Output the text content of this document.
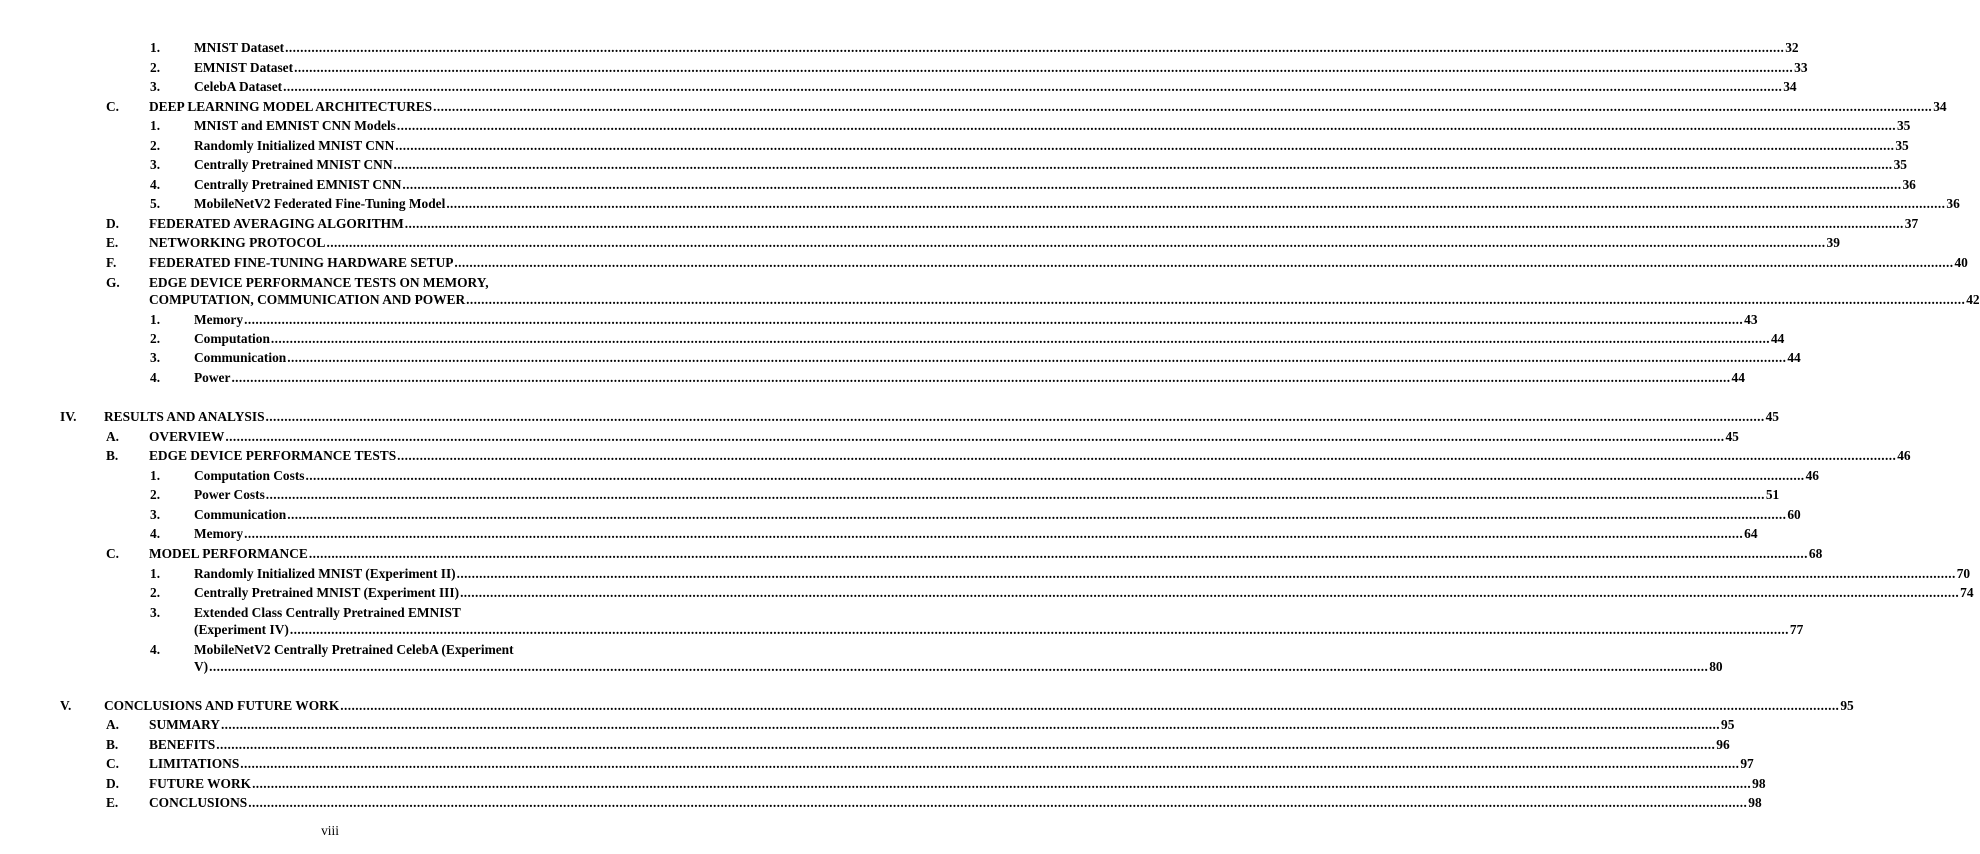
1.	MNIST Dataset ................................................................................................................................................................................................................................................................................................................................................................................................................ 32
2.	EMNIST Dataset ................................................................................................................................................................................................................................................................................................................................................................................................................ 33
3.	CelebA Dataset ................................................................................................................................................................................................................................................................................................................................................................................................................ 34
C. DEEP LEARNING MODEL ARCHITECTURES ................................................................................................................................................................................................................................................................................................................................................................................................................ 34
1.	MNIST and EMNIST CNN Models ................................................................................................................................................................................................................................................................................................................................................................................................................ 35
2.	Randomly Initialized MNIST CNN ................................................................................................................................................................................................................................................................................................................................................................................................................ 35
3.	Centrally Pretrained MNIST CNN ................................................................................................................................................................................................................................................................................................................................................................................................................ 35
4.	Centrally Pretrained EMNIST CNN ................................................................................................................................................................................................................................................................................................................................................................................................................ 36
5.	MobileNetV2 Federated Fine-Tuning Model ................................................................................................................................................................................................................................................................................................................................................................................................................ 36
D. FEDERATED AVERAGING ALGORITHM ................................................................................................................................................................................................................................................................................................................................................................................................................ 37
E. NETWORKING PROTOCOL ................................................................................................................................................................................................................................................................................................................................................................................................................ 39
F. FEDERATED FINE-TUNING HARDWARE SETUP ................................................................................................................................................................................................................................................................................................................................................................................................................ 40
G. EDGE DEVICE PERFORMANCE TESTS ON MEMORY,
COMPUTATION, COMMUNICATION AND POWER ................................................................................................................................................................................................................................................................................................................................................................................................................ 42
1.	Memory ................................................................................................................................................................................................................................................................................................................................................................................................................ 43
2.	Computation ................................................................................................................................................................................................................................................................................................................................................................................................................ 44
3.	Communication ................................................................................................................................................................................................................................................................................................................................................................................................................ 44
4.	Power ................................................................................................................................................................................................................................................................................................................................................................................................................ 44
IV. RESULTS AND ANALYSIS ................................................................................................................................................................................................................................................................................................................................................................................................................ 45
A. OVERVIEW ................................................................................................................................................................................................................................................................................................................................................................................................................ 45
B. EDGE DEVICE PERFORMANCE TESTS ................................................................................................................................................................................................................................................................................................................................................................................................................ 46
1.	Computation Costs ................................................................................................................................................................................................................................................................................................................................................................................................................ 46
2.	Power Costs ................................................................................................................................................................................................................................................................................................................................................................................................................ 51
3.	Communication ................................................................................................................................................................................................................................................................................................................................................................................................................ 60
4.	Memory ................................................................................................................................................................................................................................................................................................................................................................................................................ 64
C. MODEL PERFORMANCE ................................................................................................................................................................................................................................................................................................................................................................................................................ 68
1.	Randomly Initialized MNIST (Experiment II) ................................................................................................................................................................................................................................................................................................................................................................................................................ 70
2.	Centrally Pretrained MNIST (Experiment III) ................................................................................................................................................................................................................................................................................................................................................................................................................ 74
3.	Extended Class Centrally Pretrained EMNIST
(Experiment IV) ................................................................................................................................................................................................................................................................................................................................................................................................................ 77
4.	MobileNetV2 Centrally Pretrained CelebA (Experiment
V) ................................................................................................................................................................................................................................................................................................................................................................................................................ 80
V. CONCLUSIONS AND FUTURE WORK ................................................................................................................................................................................................................................................................................................................................................................................................................ 95
A. SUMMARY ................................................................................................................................................................................................................................................................................................................................................................................................................ 95
B. BENEFITS ................................................................................................................................................................................................................................................................................................................................................................................................................ 96
C. LIMITATIONS ................................................................................................................................................................................................................................................................................................................................................................................................................ 97
D. FUTURE WORK ................................................................................................................................................................................................................................................................................................................................................................................................................ 98
E. CONCLUSIONS ................................................................................................................................................................................................................................................................................................................................................................................................................ 98
viii
